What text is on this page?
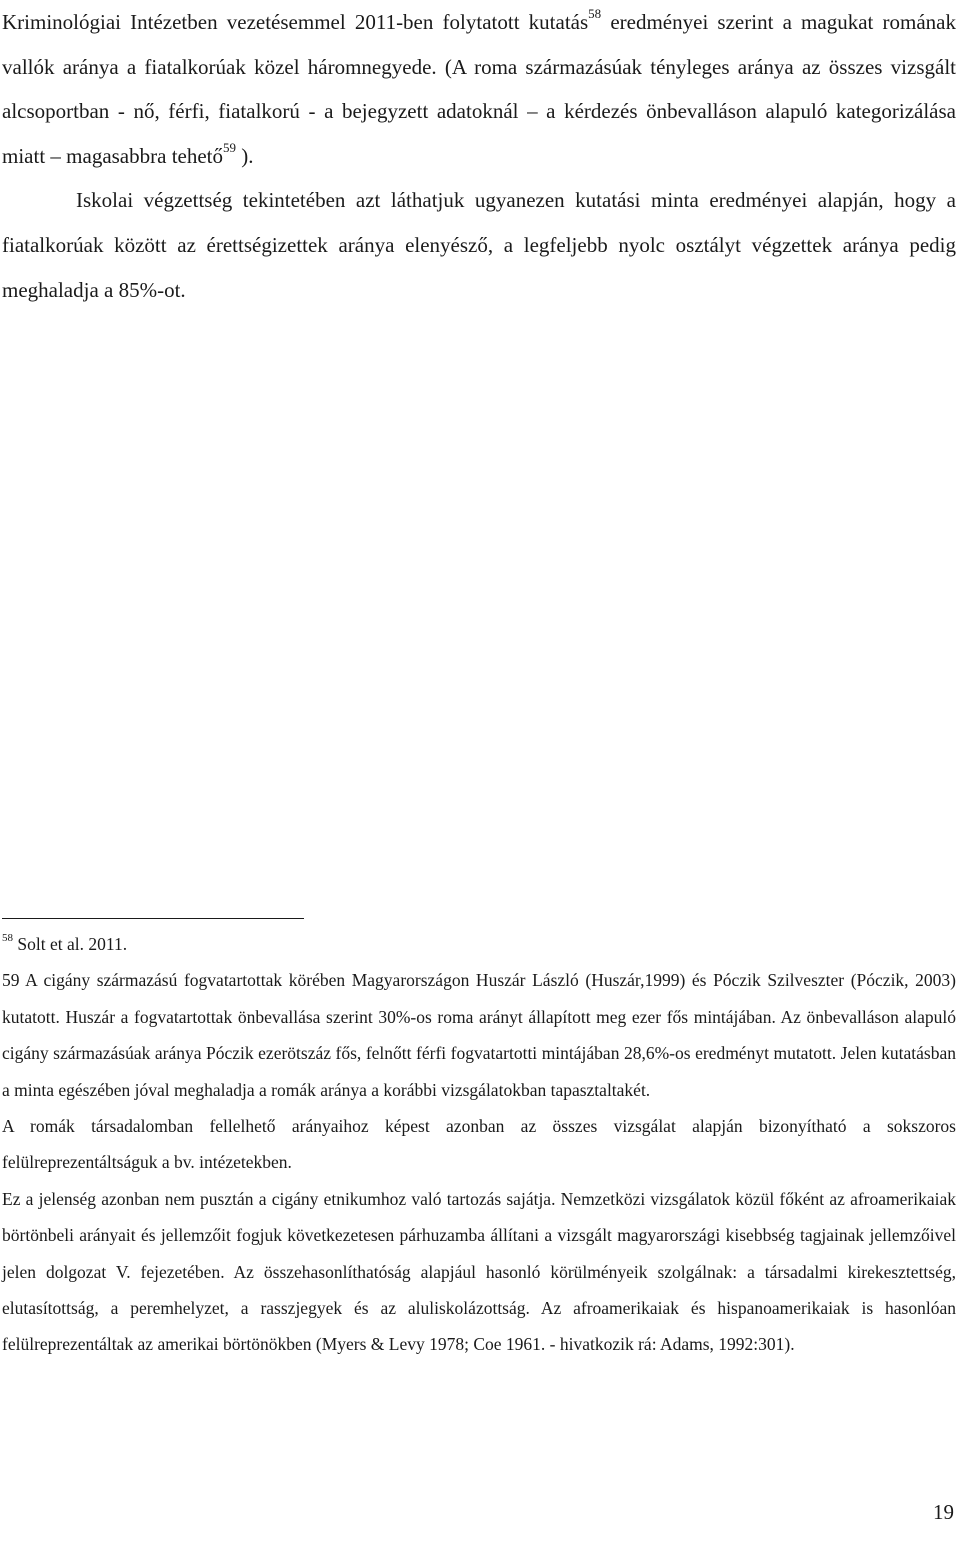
Kriminológiai Intézetben vezetésemmel 2011-ben folytatott kutatás$^{58}$ eredményei szerint a magukat romának vallók aránya a fiatalkorúak közel háromnegyede. (A roma származásúak tényleges aránya az összes vizsgált alcsoportban - nő, férfi, fiatalkorú - a bejegyzett adatoknál – a kérdezés önbevalláson alapuló kategorizálása miatt – magasabbra tehető$^{59}$ ).

Iskolai végzettség tekintetében azt láthatjuk ugyanezen kutatási minta eredményei alapján, hogy a fiatalkorúak között az érettségizettek aránya elenyésző, a legfeljebb nyolc osztályt végzettek aránya pedig meghaladja a 85%-ot.

$^{58}$ Solt et al. 2011.

59 A cigány származású fogvatartottak körében Magyarországon Huszár László (Huszár,1999) és Póczik Szilveszter (Póczik, 2003) kutatott. Huszár a fogvatartottak önbevallása szerint 30%-os roma arányt állapított meg ezer fős mintájában. Az önbevalláson alapuló cigány származásúak aránya Póczik ezerötszáz fős, felnőtt férfi fogvatartotti mintájában 28,6%-os eredményt mutatott. Jelen kutatásban a minta egészében jóval meghaladja a romák aránya a korábbi vizsgálatokban tapasztaltakét.

A romák társadalomban fellelhető arányaihoz képest azonban az összes vizsgálat alapján bizonyítható a sokszoros felülreprezentáltságuk a bv. intézetekben.

Ez a jelenség azonban nem pusztán a cigány etnikumhoz való tartozás sajátja. Nemzetközi vizsgálatok közül főként az afroamerikaiak börtönbeli arányait és jellemzőit fogjuk következetesen párhuzamba állítani a vizsgált magyarországi kisebbség tagjainak jellemzőivel jelen dolgozat V. fejezetében. Az összehasonlíthatóság alapjául hasonló körülményeik szolgálnak: a társadalmi kirekesztettség, elutasítottság, a peremhelyzet, a rasszjegyek és az aluliskolázottság. Az afroamerikaiak és hispanoamerikaiak is hasonlóan felülreprezentáltak az amerikai börtönökben (Myers & Levy 1978; Coe 1961. - hivatkozik rá: Adams, 1992:301).

19
